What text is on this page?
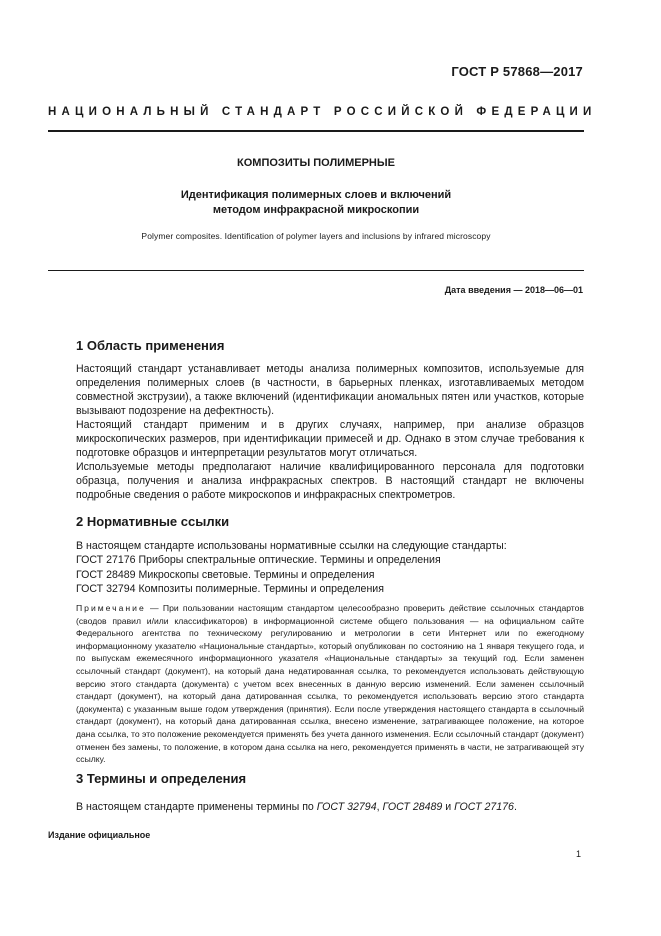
ГОСТ Р 57868—2017
НАЦИОНАЛЬНЫЙ СТАНДАРТ РОССИЙСКОЙ ФЕДЕРАЦИИ
КОМПОЗИТЫ ПОЛИМЕРНЫЕ
Идентификация полимерных слоев и включений
методом инфракрасной микроскопии
Polymer composites. Identification of polymer layers and inclusions by infrared microscopy
Дата введения — 2018—06—01
1 Область применения

Настоящий стандарт устанавливает методы анализа полимерных композитов, используемые для определения полимерных слоев (в частности, в барьерных пленках, изготавливаемых методом совместной экструзии), а также включений (идентификации аномальных пятен или участков, которые вызывают подозрение на дефектность).

Настоящий стандарт применим и в других случаях, например, при анализе образцов микроскопических размеров, при идентификации примесей и др. Однако в этом случае требования к подготовке образцов и интерпретации результатов могут отличаться.

Используемые методы предполагают наличие квалифицированного персонала для подготовки образца, получения и анализа инфракрасных спектров. В настоящий стандарт не включены подробные сведения о работе микроскопов и инфракрасных спектрометров.

2 Нормативные ссылки
В настоящем стандарте использованы нормативные ссылки на следующие стандарты:
ГОСТ 27176 Приборы спектральные оптические. Термины и определения
ГОСТ 28489 Микроскопы световые. Термины и определения
ГОСТ 32794 Композиты полимерные. Термины и определения
Примечание — При пользовании настоящим стандартом целесообразно проверить действие ссылочных стандартов (сводов правил и/или классификаторов) в информационной системе общего пользования — на официальном сайте Федерального агентства по техническому регулированию и метрологии в сети Интернет или по ежегодному информационному указателю «Национальные стандарты», который опубликован по состоянию на 1 января текущего года, и по выпускам ежемесячного информационного указателя «Национальные стандарты» за текущий год. Если заменен ссылочный стандарт (документ), на который дана недатированная ссылка, то рекомендуется использовать действующую версию этого стандарта (документа) с учетом всех внесенных в данную версию изменений. Если заменен ссылочный стандарт (документ), на который дана датированная ссылка, то рекомендуется использовать версию этого стандарта (документа) с указанным выше годом утверждения (принятия). Если после утверждения настоящего стандарта в ссылочный стандарт (документ), на который дана датированная ссылка, внесено изменение, затрагивающее положение, на которое дана ссылка, то это положение рекомендуется применять без учета данного изменения. Если ссылочный стандарт (документ) отменен без замены, то положение, в котором дана ссылка на него, рекомендуется применять в части, не затрагивающей эту ссылку.
3 Термины и определения
В настоящем стандарте применены термины по ГОСТ 32794, ГОСТ 28489 и ГОСТ 27176.
Издание официальное
1
